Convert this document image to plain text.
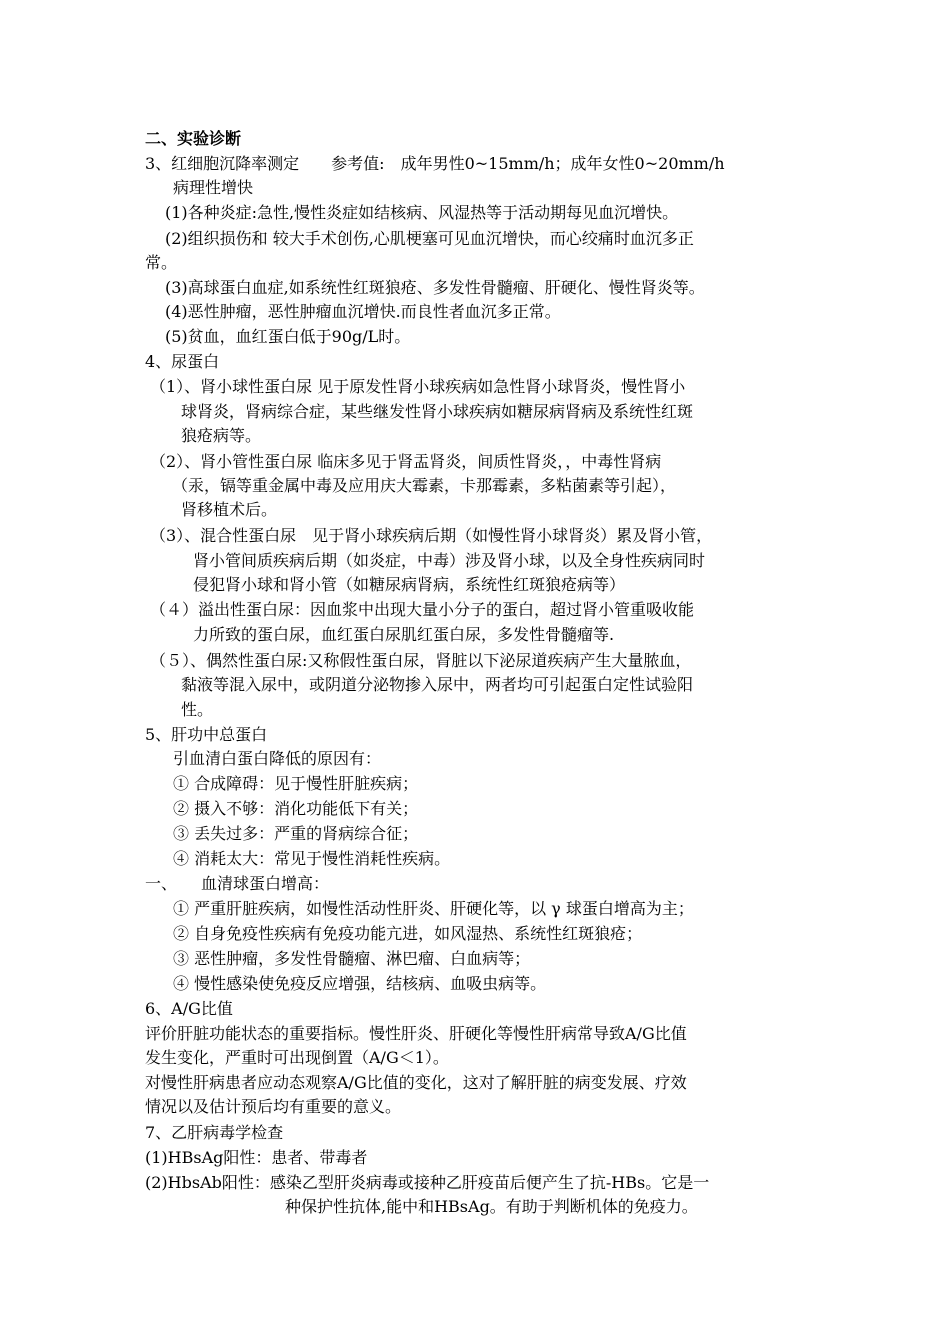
二、实验诊断
3、红细胞沉降率测定　　参考值:　成年男性0~15mm/h；成年女性0~20mm/h
病理性增快
(1)各种炎症:急性,慢性炎症如结核病、风湿热等于活动期每见血沉增快。
(2)组织损伤和 较大手术创伤,心肌梗塞可见血沉增快，而心绞痛时血沉多正
常。
(3)高球蛋白血症,如系统性红斑狼疮、多发性骨髓瘤、肝硬化、慢性肾炎等。
(4)恶性肿瘤，恶性肿瘤血沉增快.而良性者血沉多正常。
(5)贫血，血红蛋白低于90g/L时。
4、尿蛋白
（1）、肾小球性蛋白尿 见于原发性肾小球疾病如急性肾小球肾炎，慢性肾小
球肾炎，肾病综合症，某些继发性肾小球疾病如糖尿病肾病及系统性红斑
狼疮病等。
（2）、肾小管性蛋白尿 临床多见于肾盂肾炎，间质性肾炎，，中毒性肾病
（汞，镉等重金属中毒及应用庆大霉素，卡那霉素，多粘菌素等引起），
肾移植术后。
（3）、混合性蛋白尿　见于肾小球疾病后期（如慢性肾小球肾炎）累及肾小管，
肾小管间质疾病后期（如炎症，中毒）涉及肾小球，以及全身性疾病同时
侵犯肾小球和肾小管（如糖尿病肾病，系统性红斑狼疮病等）
（４）溢出性蛋白尿：因血浆中出现大量小分子的蛋白，超过肾小管重吸收能
力所致的蛋白尿，血红蛋白尿肌红蛋白尿，多发性骨髓瘤等.
（５）、偶然性蛋白尿:又称假性蛋白尿，肾脏以下泌尿道疾病产生大量脓血，
黏液等混入尿中，或阴道分泌物掺入尿中，两者均可引起蛋白定性试验阳
性。
5、肝功中总蛋白
引血清白蛋白降低的原因有：
① 合成障碍：见于慢性肝脏疾病；
② 摄入不够：消化功能低下有关；
③ 丢失过多：严重的肾病综合征；
④ 消耗太大：常见于慢性消耗性疾病。
一、　　血清球蛋白增高：
① 严重肝脏疾病，如慢性活动性肝炎、肝硬化等，以 γ 球蛋白增高为主；
② 自身免疫性疾病有免疫功能亢进，如风湿热、系统性红斑狼疮；
③ 恶性肿瘤，多发性骨髓瘤、淋巴瘤、白血病等；
④ 慢性感染使免疫反应增强，结核病、血吸虫病等。
6、A/G比值
评价肝脏功能状态的重要指标。慢性肝炎、肝硬化等慢性肝病常导致A/G比值
发生变化，严重时可出现倒置（A/G＜1）。
对慢性肝病患者应动态观察A/G比值的变化，这对了解肝脏的病变发展、疗效
情况以及估计预后均有重要的意义。
7、乙肝病毒学检查
(1)HBsAg阳性：患者、带毒者
(2)HbsAb阳性：感染乙型肝炎病毒或接种乙肝疫苗后便产生了抗-HBs。它是一
种保护性抗体,能中和HBsAg。有助于判断机体的免疫力。
